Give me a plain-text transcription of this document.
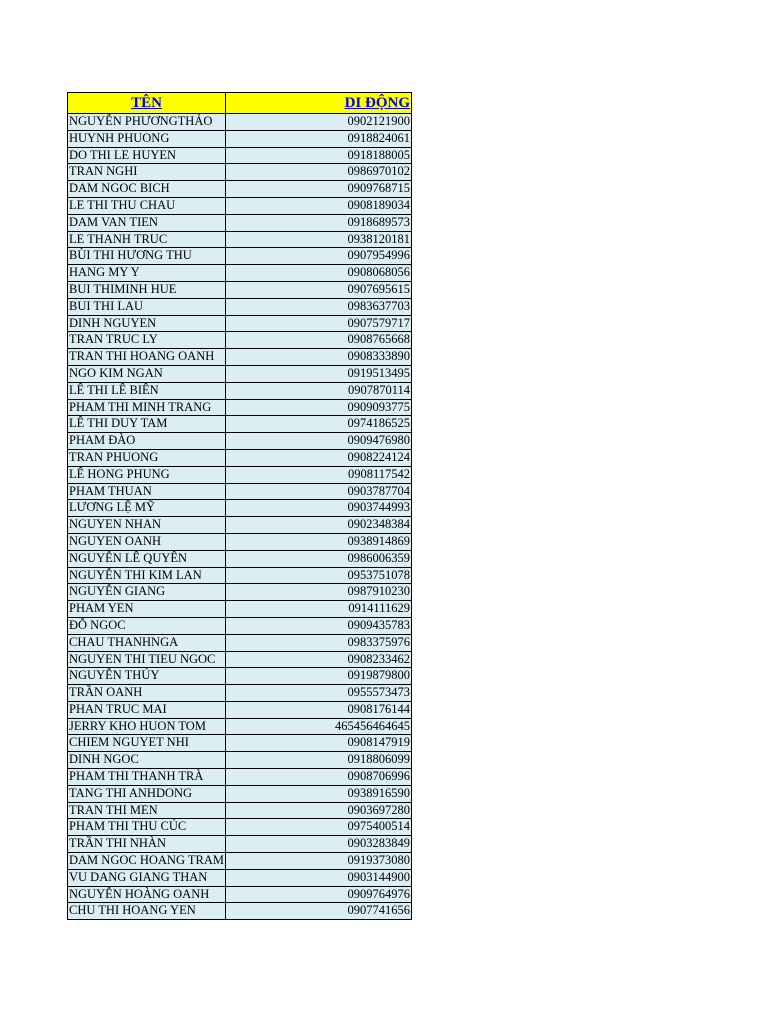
TÊN	DI ĐỘNG
NGUYỄN PHƯƠNGTHẢO	0902121900
HUYNH PHUONG	0918824061
DO THI LE HUYEN	0918188005
TRAN NGHI	0986970102
DAM NGOC BICH	0909768715
LE THI THU CHAU	0908189034
DAM VAN TIEN	0918689573
LE THANH TRUC	0938120181
BÙI THI HƯƠNG THU	0907954996
HANG MY Y	0908068056
BUI THIMINH HUE	0907695615
BUI THI LAU	0983637703
DINH NGUYEN	0907579717
TRAN TRUC LY	0908765668
TRAN THI HOANG OANH	0908333890
NGO KIM NGAN	0919513495
LÊ THI LÊ BIÊN	0907870114
PHAM THI MINH TRANG	0909093775
LÊ THI DUY TAM	0974186525
PHAM ĐÀO	0909476980
TRAN PHUONG	0908224124
LÊ HONG PHUNG	0908117542
PHAM THUAN	0903787704
LƯƠNG LỆ MỸ	0903744993
NGUYEN NHAN	0902348384
NGUYEN OANH	0938914869
NGUYỄN LÊ QUYÊN	0986006359
NGUYỄN THI KIM LAN	0953751078
NGUYỄN GIANG	0987910230
PHAM YEN	0914111629
ĐỖ NGOC	0909435783
CHAU THANHNGA	0983375976
NGUYEN THI TIEU NGOC	0908233462
NGUYỄN THÚY	0919879800
TRẦN OANH	0955573473
PHAN TRUC MAI	0908176144
JERRY KHO HUON TOM	465456464645
CHIEM NGUYET NHI	0908147919
DINH NGOC	0918806099
PHAM THI THANH TRÀ	0908706996
TANG THI ANHDONG	0938916590
TRAN THI MEN	0903697280
PHAM THI THU CÚC	0975400514
TRẦN THI NHÀN	0903283849
DAM NGOC HOANG TRAM	0919373080
VU DANG GIANG THAN	0903144900
NGUYỄN HOÀNG OANH	0909764976
CHU THI HOANG YEN	0907741656
